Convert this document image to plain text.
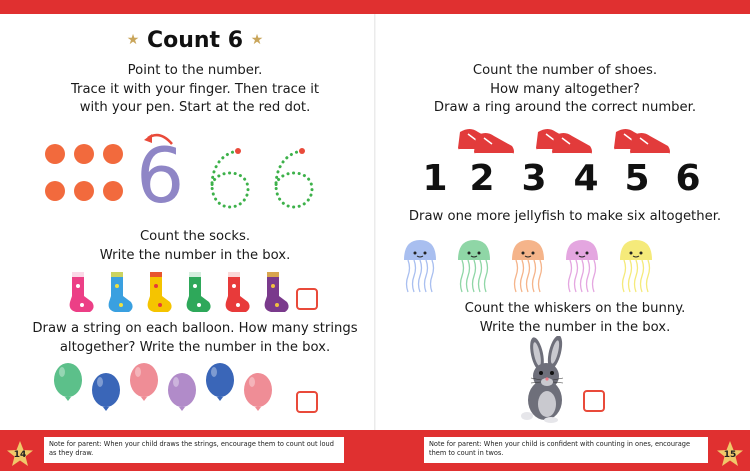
★ Count 6 ★
Point to the number.
Trace it with your finger. Then trace it
with your pen. Start at the red dot.
6
Count the socks.
Write the number in the box.
Draw a string on each balloon. How many strings
altogether? Write the number in the box.
Count the number of shoes.
How many altogether?
Draw a ring around the correct number.
1 2 3 4 5 6
Draw one more jellyfish to make six altogether.
Count the whiskers on the bunny.
Write the number in the box.
14
Note for parent: When your child draws the strings, encourage them to count out loud as they draw.
Note for parent: When your child is confident with counting in ones, encourage them to count in twos.	15
